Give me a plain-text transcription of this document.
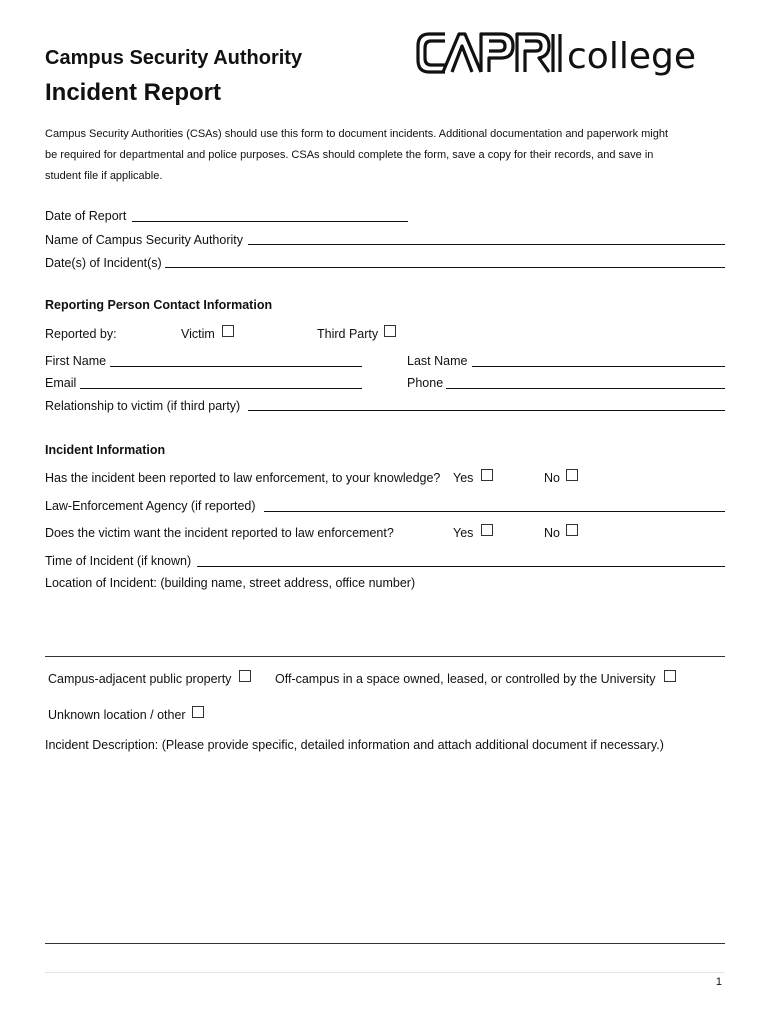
Campus Security Authority
Incident Report
college
Campus Security Authorities (CSAs) should use this form to document incidents. Additional documentation and paperwork might
be required for departmental and police purposes. CSAs should complete the form, save a copy for their records, and save in
student file if applicable.
Date of Report
Name of Campus Security Authority
Date(s) of Incident(s)
Reporting Person Contact Information
Reported by:	Victim	Third Party
First Name	Last Name
Email	Phone
Relationship to victim (if third party)
Incident Information
Has the incident been reported to law enforcement, to your knowledge? Yes	No
Law-Enforcement Agency (if reported)
Does the victim want the incident reported to law enforcement?	Yes	No
Time of Incident (if known)
Location of Incident: (building name, street address, office number)
Campus-adjacent public property	Off-campus in a space owned, leased, or controlled by the University
Unknown location / other
Incident Description: (Please provide specific, detailed information and attach additional document if necessary.)
1
